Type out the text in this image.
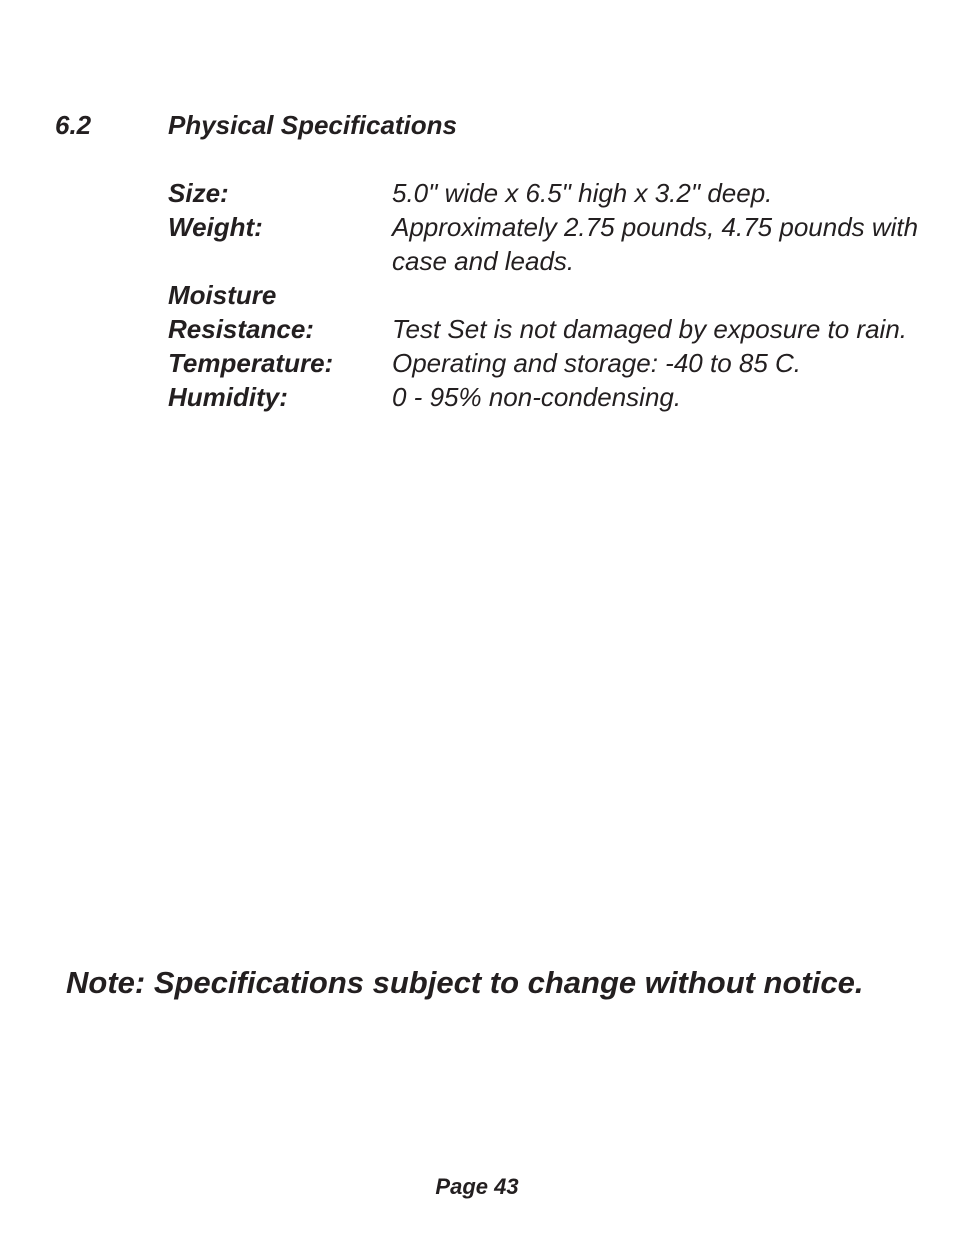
6.2	Physical Specifications
Size:	5.0" wide x 6.5" high x 3.2" deep.
Weight:	Approximately 2.75 pounds, 4.75 pounds with case and leads.
Moisture
Resistance:	Test Set is not damaged by exposure to rain.
Temperature:	Operating and storage: -40 to 85 C.
Humidity:	0 - 95% non-condensing.
Note: Specifications subject to change without notice.
Page 43
